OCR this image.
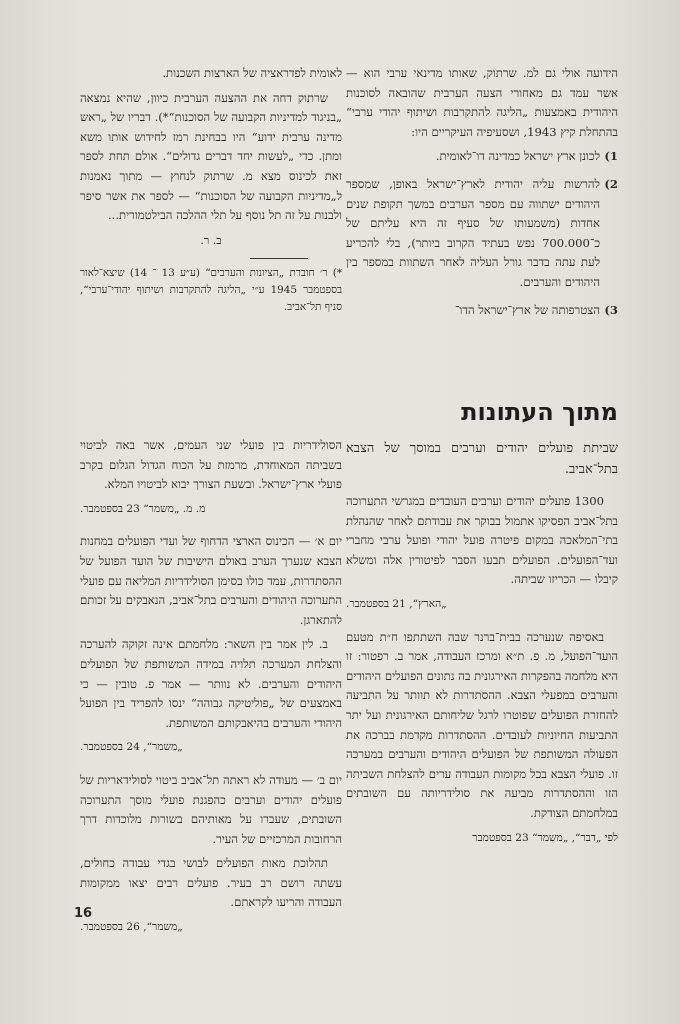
הידועה אולי גם למ. שרתוק, שאותו מדינאי ערבי הוא — אשר עמד גם מאחורי הצעה הערבית שהובאה לסוכנות היהודית באמצעות „הליגה להתקרבות ושיתוף יהודי ערבי“ בהתחלת קיץ 1943, ושסעיפיה העיקריים היו:

1)
לכונן ארץ ישראל כמדינה דו־לאומית.

2)
להרשות עליה יהודית לארץ־ישראל באופן, שמספר היהודים ישתווה עם מספר הערבים במשך תקופת שנים אחדות (משמעותו של סעיף זה היא עליתם של כ־700.000 נפש בעתיד הקרוב ביותר), בלי להכריע לעת עתה בדבר גורל העליה לאחר השתוות במספר בין היהודים והערבים.

3)
הצטרפותה של ארץ־ישראל הדו־

לאומית לפדראציה של הארצות השכנות.

שרתוק דחה את ההצעה הערבית כיוון, שהיא נמצאה „בניגוד למדיניות הקבועה של הסוכנות“*). דבריו של „ראש מדינה ערבית ידוע“ היו בבחינת רמז לחידוש אותו משא ומתן. כדי „לעשות יחד דברים גדולים“. אולם תחת לספר זאת לכינוס מצא מ. שרתוק לנחוץ — מתוך נאמנות ל„מדיניות הקבועה של הסוכנות“ — לספר את אשר סיפר ולבנות על זה תל נוסף על תלי ההלכה הבילטמורית...

ב. ר.

*) ר׳ חוברת „הציונות והערבים“ (ע״ע 13 ־ 14) שיצא־לאור בספטמבר 1945 ע״י „הליגה להתקרבות ושיתוף יהודי־ערבי“, סניף תל־אביב.

מתוך העתונות

שביתת פועלים יהודים וערבים במוסך של הצבא בתל־אביב.

1300 פועלים יהודים וערבים העובדים במגרשי התערוכה בתל־אביב הפסיקו אתמול בבוקר את עבודתם לאחר שהנהלת בתי־המלאכה במקום פיטרה פועל יהודי ופועל ערבי מחברי ועד־הפועלים. הפועלים תבעו הסבר לפיטורין אלה ומשלא קיבלו — הכריזו שביתה.

„הארץ“, 21 בספטמבר.

באסיפה שנערכה בבית־ברנר שבה השתתפו ח״ת מטעם הועד־הפועל, מ. פ. ת״א ומרכז העבודה, אמר ב. רפטור: זו היא מלחמה בהפקרות האירגונית בה נתונים הפועלים היהודים והערבים במפעלי הצבא. ההסתדרות לא תוותר על התביעה להחזרת הפועלים שפוטרו לרגל שליחותם האירגונית ועל יתר התביעות החיוניות לעובדים. ההסתדרות מקדמת בברכה את הפעולה המשותפת של הפועלים היהודים והערבים במערכה זו. פועלי הצבא בכל מקומות העבודה ערים להצלחת השביתה הזו וההסתדרות מביעה את סולידריותה עם השובתים במלחמתם הצודקת.

לפי „דבר“, „משמר“ 23 בספטמבר

הסולידריות בין פועלי שני העמים, אשר באה לביטוי בשביתה המאוחדת, מרמזת על הכוח הגדול הגלום בקרב פועלי ארץ־ישראל. ובשעת הצורך יבוא לביטויו המלא.

מ. מ. „משמר“ 23 בספטמבר.

יום א׳ — הכינוס הארצי הדחוף של ועדי הפועלים במחנות הצבא שנערך הערב באולם הישיבות של הועד הפועל של ההסתדרות, עמד כולו בסימן הסולידריות המליאה עם פועלי התערוכה היהודים והערבים בתל־אביב, הנאבקים על זכותם להתארגן.

ב. לין אמר בין השאר: מלחמתם אינה זקוקה להערכה והצלחת המערכה תלויה במידה המשותפת של הפועלים היהודים והערבים. לא נוותר — אמר פ. טובין — כי באמצעים של „פוליטיקה גבוהה“ ינסו להפריד בין הפועל היהודי והערבים בהיאבקותם המשותפת.

„משמר“, 24 בספטמבר.

יום ב׳ — מעודה לא ראתה תל־אביב ביטוי לסולידאריות של פועלים יהודים וערבים כהפגנת פועלי מוסך התערוכה השובתים, שעברו על מאותיהם בשורות מלוכדות דרך הרחובות המרכזיים של העיר.

תהלוכת מאות הפועלים לבושי בגדי עבודה כחולים, עשתה רושם רב בעיר. פועלים רבים יצאו ממקומות העבודה והריעו לקראתם.

„משמר“, 26 בספטמבר.

16
